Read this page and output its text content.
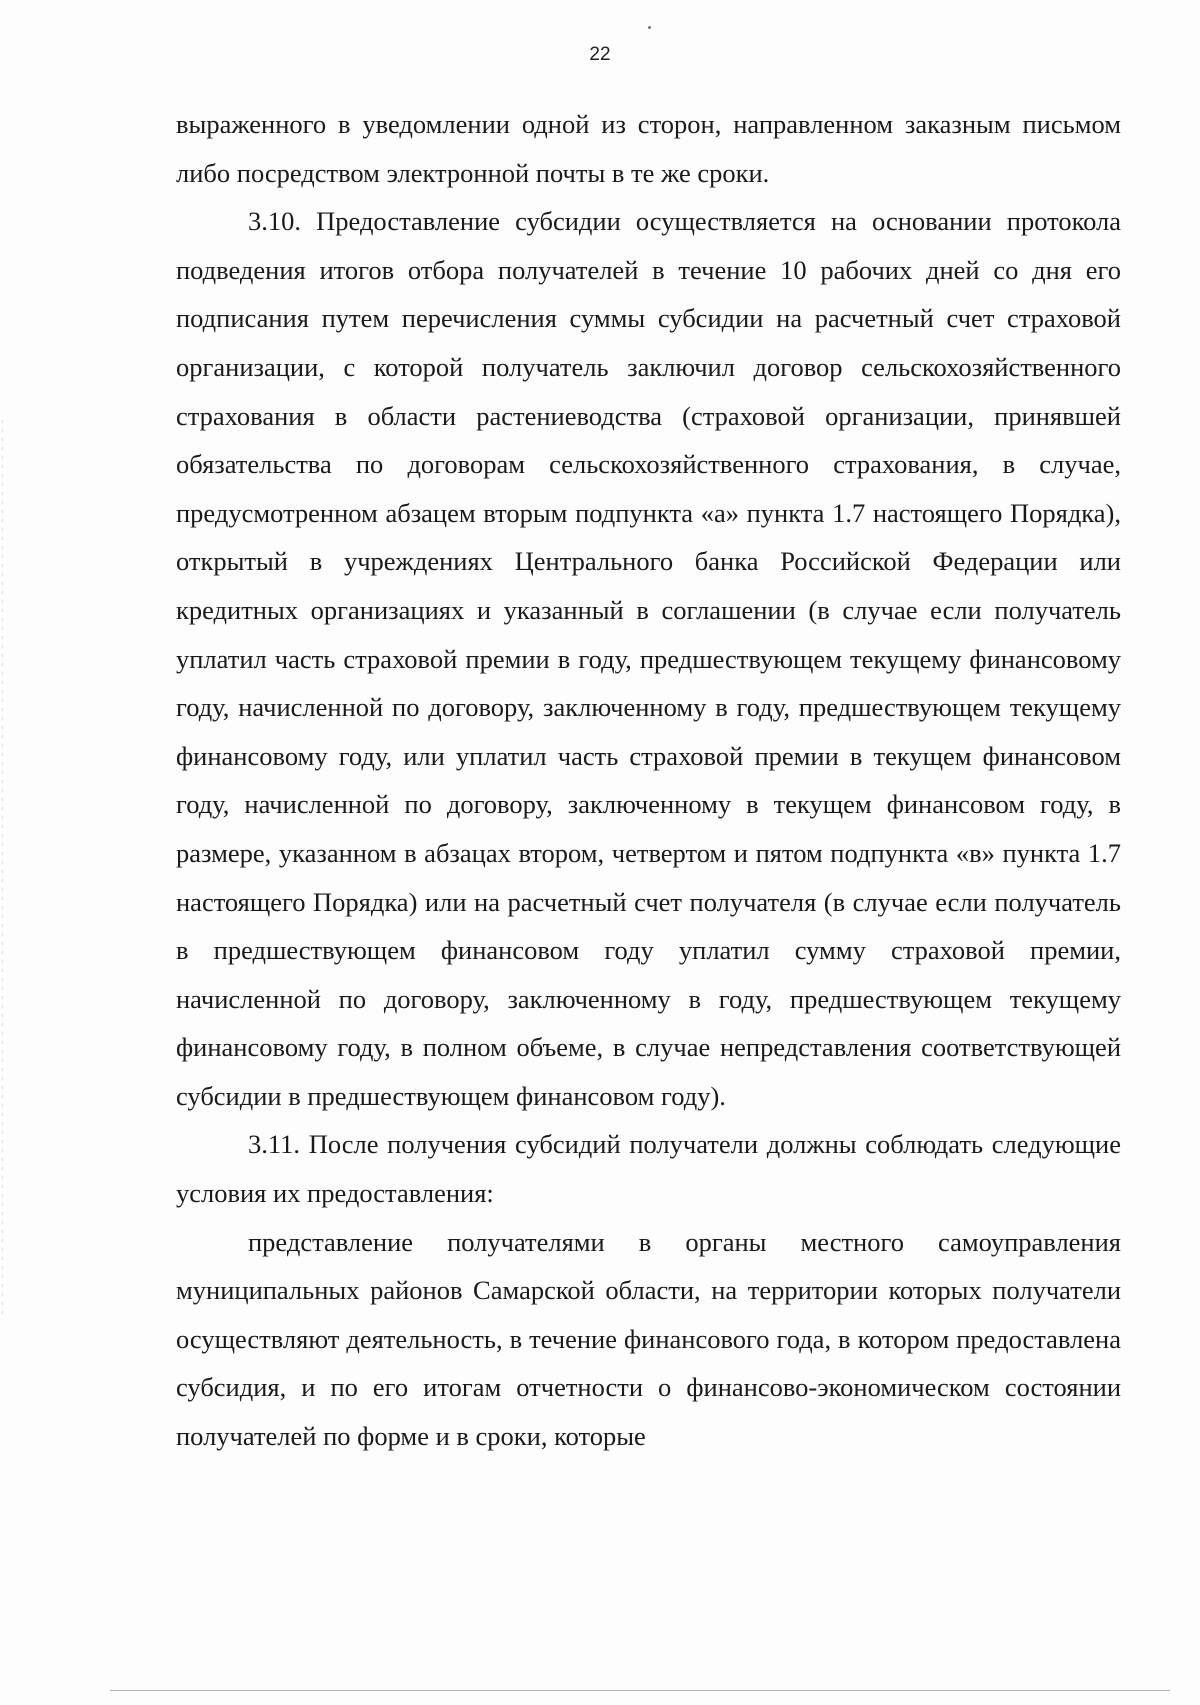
22

выраженного в уведомлении одной из сторон, направленном заказным письмом либо посредством электронной почты в те же сроки.

3.10. Предоставление субсидии осуществляется на основании протокола подведения итогов отбора получателей в течение 10 рабочих дней со дня его подписания путем перечисления суммы субсидии на расчетный счет страховой организации, с которой получатель заключил договор сельскохозяйственного страхования в области растениеводства (страховой организации, принявшей обязательства по договорам сельскохозяйственного страхования, в случае, предусмотренном абзацем вторым подпункта «а» пункта 1.7 настоящего Порядка), открытый в учреждениях Центрального банка Российской Федерации или кредитных организациях и указанный в соглашении (в случае если получатель уплатил часть страховой премии в году, предшествующем текущему финансовому году, начисленной по договору, заключенному в году, предшествующем текущему финансовому году, или уплатил часть страховой премии в текущем финансовом году, начисленной по договору, заключенному в текущем финансовом году, в размере, указанном в абзацах втором, четвертом и пятом подпункта «в» пункта 1.7 настоящего Порядка) или на расчетный счет получателя (в случае если получатель в предшествующем финансовом году уплатил сумму страховой премии, начисленной по договору, заключенному в году, предшествующем текущему финансовому году, в полном объеме, в случае непредставления соответствующей субсидии в предшествующем финансовом году).

3.11. После получения субсидий получатели должны соблюдать следующие условия их предоставления:

представление получателями в органы местного самоуправления муниципальных районов Самарской области, на территории которых получатели осуществляют деятельность, в течение финансового года, в котором предоставлена субсидия, и по его итогам отчетности о финансово-экономическом состоянии получателей по форме и в сроки, которые
